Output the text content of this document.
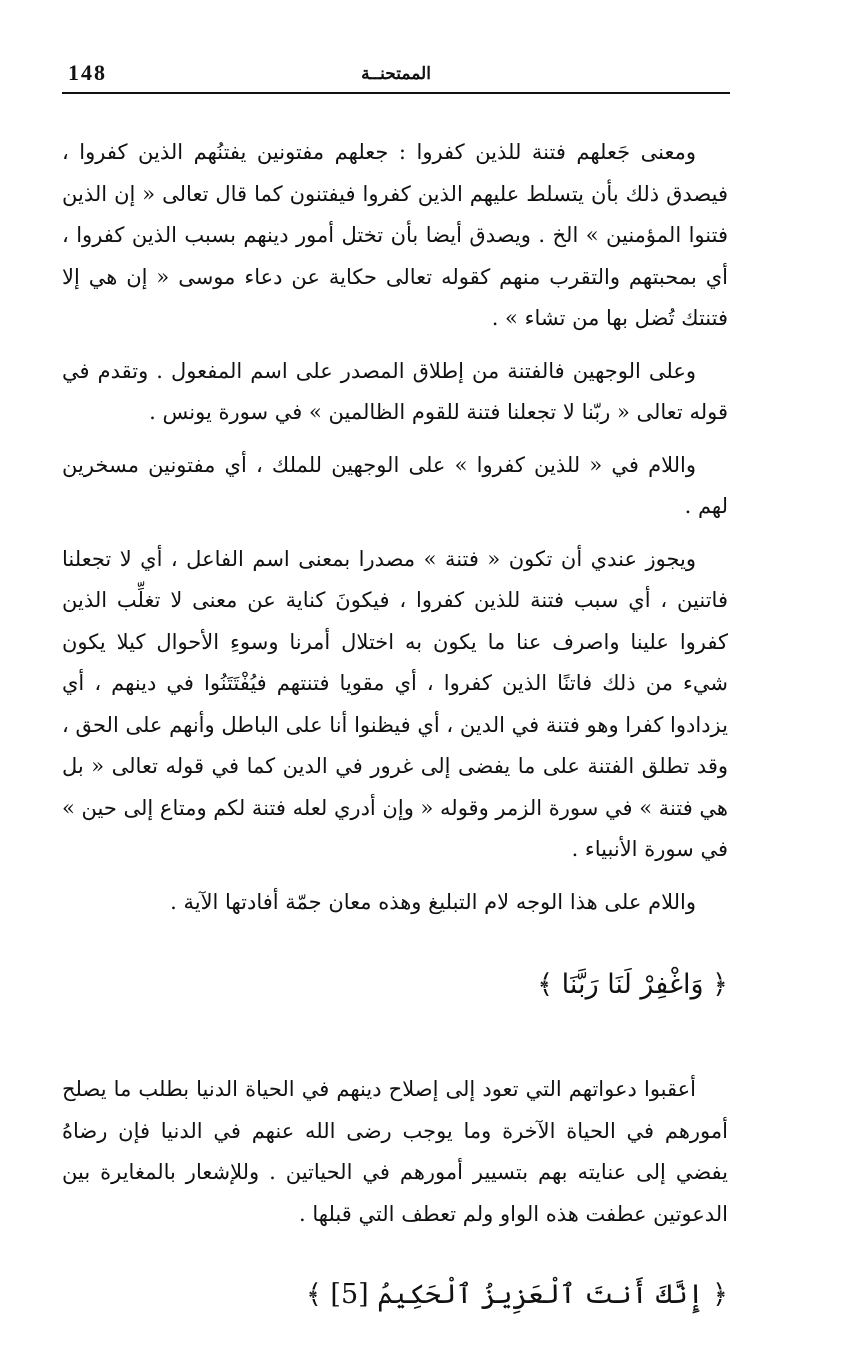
148	الممتحنــة

ومعنى جَعلهم فتنة للذين كفروا : جعلهم مفتونين يفتنُهم الذين كفروا ، فيصدق ذلك بأن يتسلط عليهم الذين كفروا فيفتنون كما قال تعالى « إن الذين فتنوا المؤمنين » الخ . ويصدق أيضا بأن تختل أمور دينهم بسبب الذين كفروا ، أي بمحبتهم والتقرب منهم كقوله تعالى حكاية عن دعاء موسى « إن هي إلا فتنتك تُضل بها من تشاء » .

وعلى الوجهين فالفتنة من إطلاق المصدر على اسم المفعول . وتقدم في قوله تعالى « ربّنا لا تجعلنا فتنة للقوم الظالمين » في سورة يونس .

واللام في « للذين كفروا » على الوجهين للملك ، أي مفتونين مسخرين لهم .

ويجوز عندي أن تكون « فتنة » مصدرا بمعنى اسم الفاعل ، أي لا تجعلنا فاتنين ، أي سبب فتنة للذين كفروا ، فيكونَ كناية عن معنى لا تغلِّب الذين كفروا علينا واصرف عنا ما يكون به اختلال أمرنا وسوءِ الأحوال كيلا يكون شيء من ذلك فاتنًا الذين كفروا ، أي مقويا فتنتهم فيُفْتَتَنُوا في دينهم ، أي يزدادوا كفرا وهو فتنة في الدين ، أي فيظنوا أنا على الباطل وأنهم على الحق ، وقد تطلق الفتنة على ما يفضى إلى غرور في الدين كما في قوله تعالى « بل هي فتنة » في سورة الزمر وقوله « وإن أدري لعله فتنة لكم ومتاع إلى حين » في سورة الأنبياء .

واللام على هذا الوجه لام التبليغ وهذه معان جمّة أفادتها الآية .

﴿ وَاغْفِرْ لَنَا رَبَّنَا ﴾

أعقبوا دعواتهم التي تعود إلى إصلاح دينهم في الحياة الدنيا بطلب ما يصلح أمورهم في الحياة الآخرة وما يوجب رضى الله عنهم في الدنيا فإن رضاهُ يفضي إلى عنايته بهم بتسيير أمورهم في الحياتين . وللإشعار بالمغايرة بين الدعوتين عطفت هذه الواو ولم تعطف التي قبلها .

﴿ إِنَّكَ أَنتَ ٱلْعَزِيزُ ٱلْحَكِيمُ [5] ﴾
